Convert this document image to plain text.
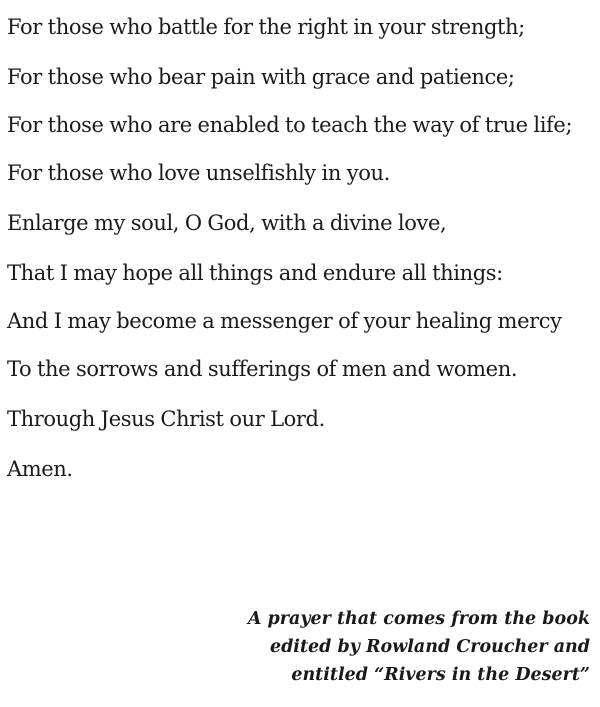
For those who battle for the right in your strength;

For those who bear pain with grace and patience;

For those who are enabled to teach the way of true life;

For those who love unselfishly in you.

Enlarge my soul, O God, with a divine love,

That I may hope all things and endure all things:

And I may become a messenger of your healing mercy

To the sorrows and sufferings of men and women.

Through Jesus Christ our Lord.

Amen.

A prayer that comes from the book
edited by Rowland Croucher and
entitled “Rivers in the Desert”
